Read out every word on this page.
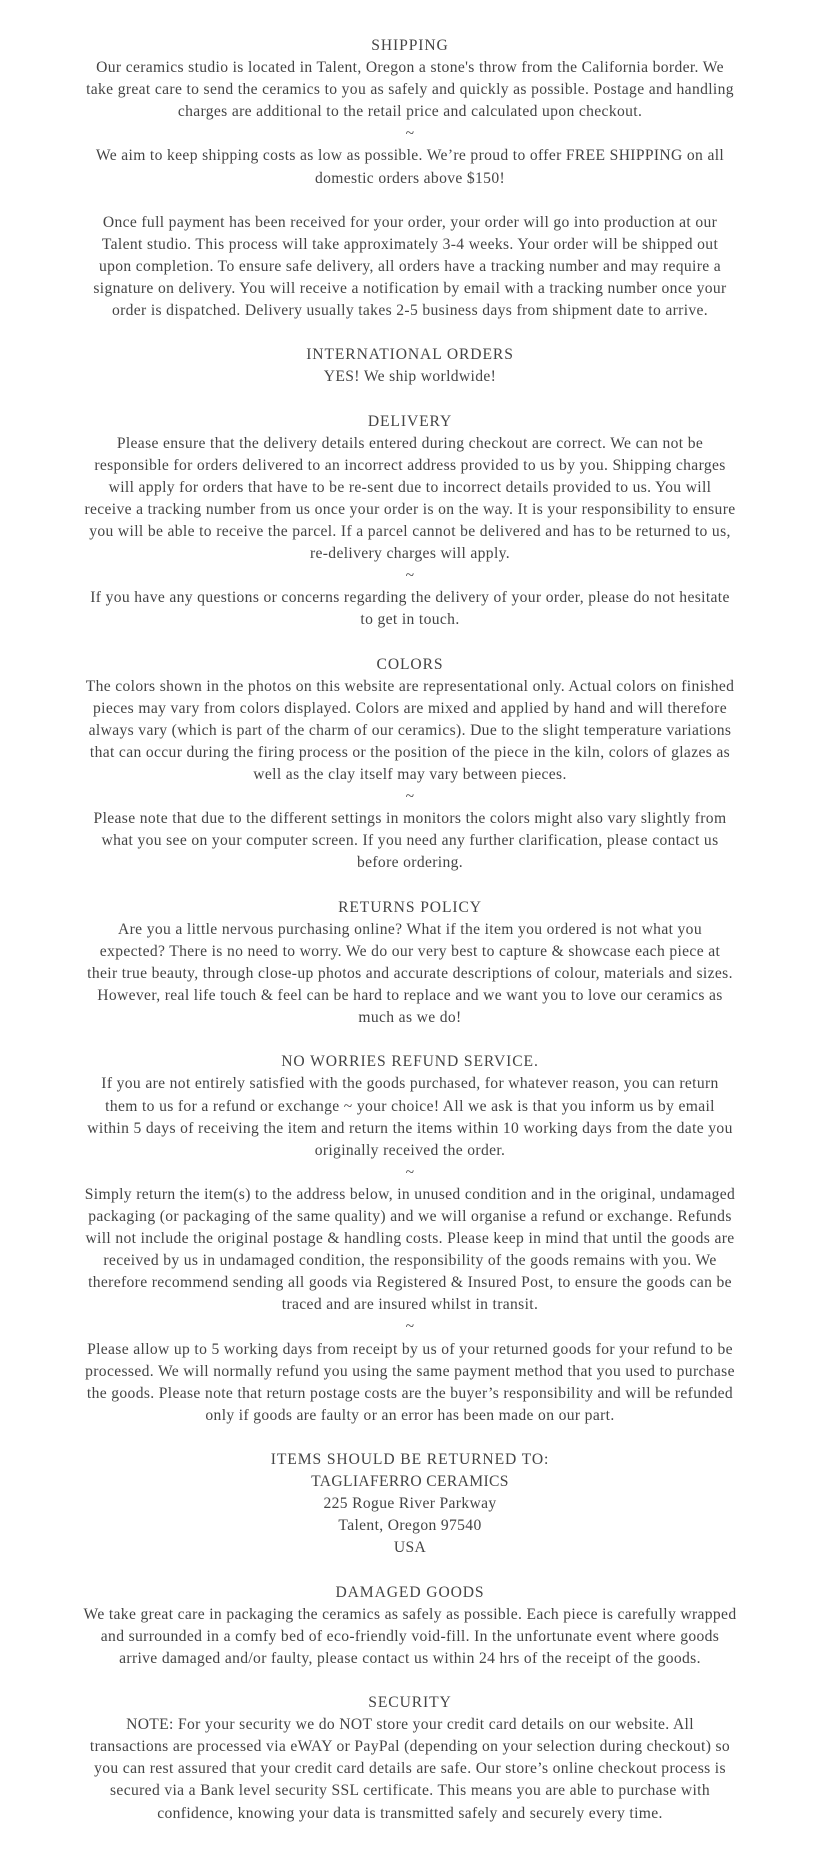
SHIPPING
Our ceramics studio is located in Talent, Oregon a stone's throw from the California border. We
take great care to send the ceramics to you as safely and quickly as possible. Postage and handling
charges are additional to the retail price and calculated upon checkout.
~
We aim to keep shipping costs as low as possible. We’re proud to offer FREE SHIPPING on all
domestic orders above $150!
Once full payment has been received for your order, your order will go into production at our
Talent studio. This process will take approximately 3-4 weeks. Your order will be shipped out
upon completion. To ensure safe delivery, all orders have a tracking number and may require a
signature on delivery. You will receive a notification by email with a tracking number once your
order is dispatched. Delivery usually takes 2-5 business days from shipment date to arrive.
INTERNATIONAL ORDERS
YES! We ship worldwide!
DELIVERY
Please ensure that the delivery details entered during checkout are correct. We can not be
responsible for orders delivered to an incorrect address provided to us by you. Shipping charges
will apply for orders that have to be re-sent due to incorrect details provided to us. You will
receive a tracking number from us once your order is on the way. It is your responsibility to ensure
you will be able to receive the parcel. If a parcel cannot be delivered and has to be returned to us,
re-delivery charges will apply.
~
If you have any questions or concerns regarding the delivery of your order, please do not hesitate
to get in touch.
COLORS
The colors shown in the photos on this website are representational only. Actual colors on finished
pieces may vary from colors displayed. Colors are mixed and applied by hand and will therefore
always vary (which is part of the charm of our ceramics). Due to the slight temperature variations
that can occur during the firing process or the position of the piece in the kiln, colors of glazes as
well as the clay itself may vary between pieces.
~
Please note that due to the different settings in monitors the colors might also vary slightly from
what you see on your computer screen. If you need any further clarification, please contact us
before ordering.
RETURNS POLICY
Are you a little nervous purchasing online? What if the item you ordered is not what you
expected? There is no need to worry. We do our very best to capture & showcase each piece at
their true beauty, through close-up photos and accurate descriptions of colour, materials and sizes.
However, real life touch & feel can be hard to replace and we want you to love our ceramics as
much as we do!
NO WORRIES REFUND SERVICE.
If you are not entirely satisfied with the goods purchased, for whatever reason, you can return
them to us for a refund or exchange ~ your choice! All we ask is that you inform us by email
within 5 days of receiving the item and return the items within 10 working days from the date you
originally received the order.
~
Simply return the item(s) to the address below, in unused condition and in the original, undamaged
packaging (or packaging of the same quality) and we will organise a refund or exchange. Refunds
will not include the original postage & handling costs. Please keep in mind that until the goods are
received by us in undamaged condition, the responsibility of the goods remains with you. We
therefore recommend sending all goods via Registered & Insured Post, to ensure the goods can be
traced and are insured whilst in transit.
~
Please allow up to 5 working days from receipt by us of your returned goods for your refund to be
processed. We will normally refund you using the same payment method that you used to purchase
the goods. Please note that return postage costs are the buyer’s responsibility and will be refunded
only if goods are faulty or an error has been made on our part.
ITEMS SHOULD BE RETURNED TO:
TAGLIAFERRO CERAMICS
225 Rogue River Parkway
Talent, Oregon 97540
USA
DAMAGED GOODS
We take great care in packaging the ceramics as safely as possible. Each piece is carefully wrapped
and surrounded in a comfy bed of eco-friendly void-fill. In the unfortunate event where goods
arrive damaged and/or faulty, please contact us within 24 hrs of the receipt of the goods.
SECURITY
NOTE: For your security we do NOT store your credit card details on our website. All
transactions are processed via eWAY or PayPal (depending on your selection during checkout) so
you can rest assured that your credit card details are safe. Our store’s online checkout process is
secured via a Bank level security SSL certificate. This means you are able to purchase with
confidence, knowing your data is transmitted safely and securely every time.
